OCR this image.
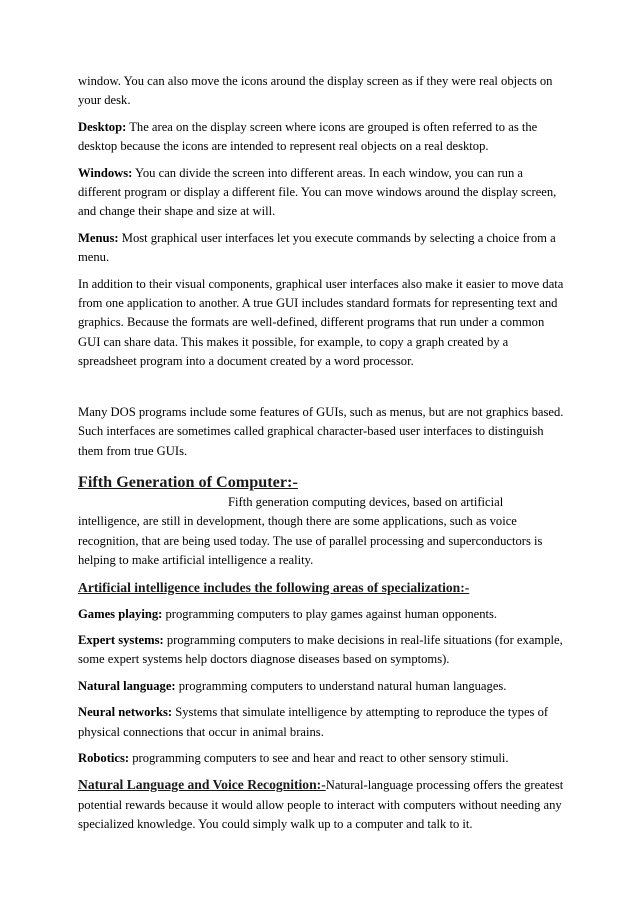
window. You can also move the icons around the display screen as if they were real objects on your desk.

Desktop: The area on the display screen where icons are grouped is often referred to as the desktop because the icons are intended to represent real objects on a real desktop.

Windows: You can divide the screen into different areas. In each window, you can run a different program or display a different file. You can move windows around the display screen, and change their shape and size at will.

Menus: Most graphical user interfaces let you execute commands by selecting a choice from a menu.

In addition to their visual components, graphical user interfaces also make it easier to move data from one application to another. A true GUI includes standard formats for representing text and graphics. Because the formats are well-defined, different programs that run under a common GUI can share data. This makes it possible, for example, to copy a graph created by a spreadsheet program into a document created by a word processor.

Many DOS programs include some features of GUIs, such as menus, but are not graphics based. Such interfaces are sometimes called graphical character-based user interfaces to distinguish them from true GUIs.

Fifth Generation of Computer:-

Fifth generation computing devices, based on artificial
intelligence, are still in development, though there are some applications, such as voice recognition, that are being used today. The use of parallel processing and superconductors is helping to make artificial intelligence a reality.

Artificial intelligence includes the following areas of specialization:-

Games playing: programming computers to play games against human opponents.

Expert systems: programming computers to make decisions in real-life situations (for example, some expert systems help doctors diagnose diseases based on symptoms).

Natural language: programming computers to understand natural human languages.

Neural networks: Systems that simulate intelligence by attempting to reproduce the types of physical connections that occur in animal brains.

Robotics: programming computers to see and hear and react to other sensory stimuli.

Natural Language and Voice Recognition:-Natural-language processing offers the greatest potential rewards because it would allow people to interact with computers without needing any specialized knowledge. You could simply walk up to a computer and talk to it.
